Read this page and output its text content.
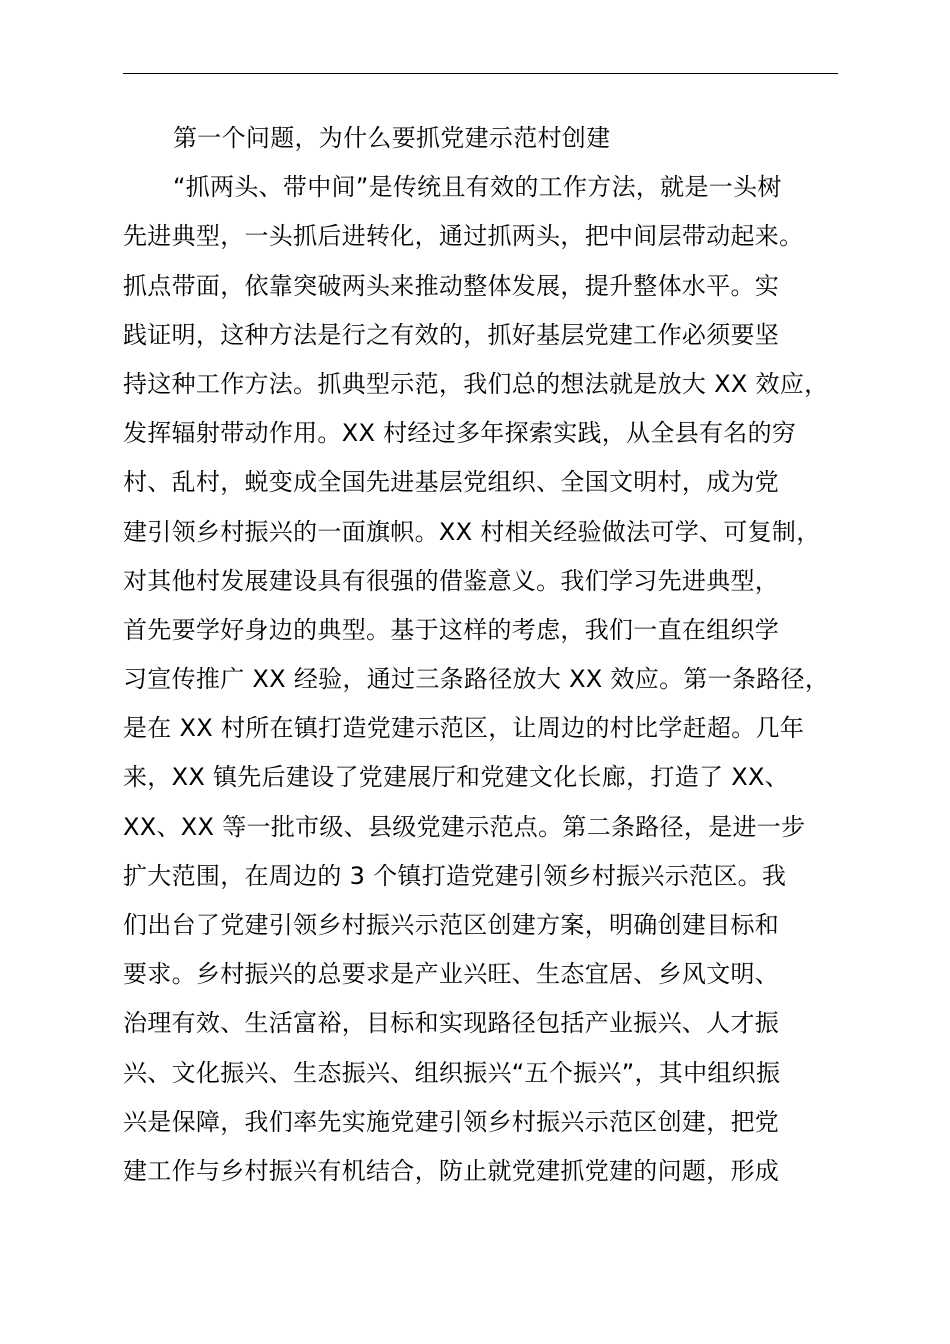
第一个问题，为什么要抓党建示范村创建
“抓两头、带中间”是传统且有效的工作方法，就是一头树
先进典型，一头抓后进转化，通过抓两头，把中间层带动起来。
抓点带面，依靠突破两头来推动整体发展，提升整体水平。实
践证明，这种方法是行之有效的，抓好基层党建工作必须要坚
持这种工作方法。抓典型示范，我们总的想法就是放大 XX 效应，
发挥辐射带动作用。XX 村经过多年探索实践，从全县有名的穷
村、乱村，蜕变成全国先进基层党组织、全国文明村，成为党
建引领乡村振兴的一面旗帜。XX 村相关经验做法可学、可复制，
对其他村发展建设具有很强的借鉴意义。我们学习先进典型，
首先要学好身边的典型。基于这样的考虑，我们一直在组织学
习宣传推广 XX 经验，通过三条路径放大 XX 效应。第一条路径，
是在 XX 村所在镇打造党建示范区，让周边的村比学赶超。几年
来，XX 镇先后建设了党建展厅和党建文化长廊，打造了 XX、
XX、XX 等一批市级、县级党建示范点。第二条路径，是进一步
扩大范围，在周边的 3 个镇打造党建引领乡村振兴示范区。我
们出台了党建引领乡村振兴示范区创建方案，明确创建目标和
要求。乡村振兴的总要求是产业兴旺、生态宜居、乡风文明、
治理有效、生活富裕，目标和实现路径包括产业振兴、人才振
兴、文化振兴、生态振兴、组织振兴“五个振兴”，其中组织振
兴是保障，我们率先实施党建引领乡村振兴示范区创建，把党
建工作与乡村振兴有机结合，防止就党建抓党建的问题，形成
